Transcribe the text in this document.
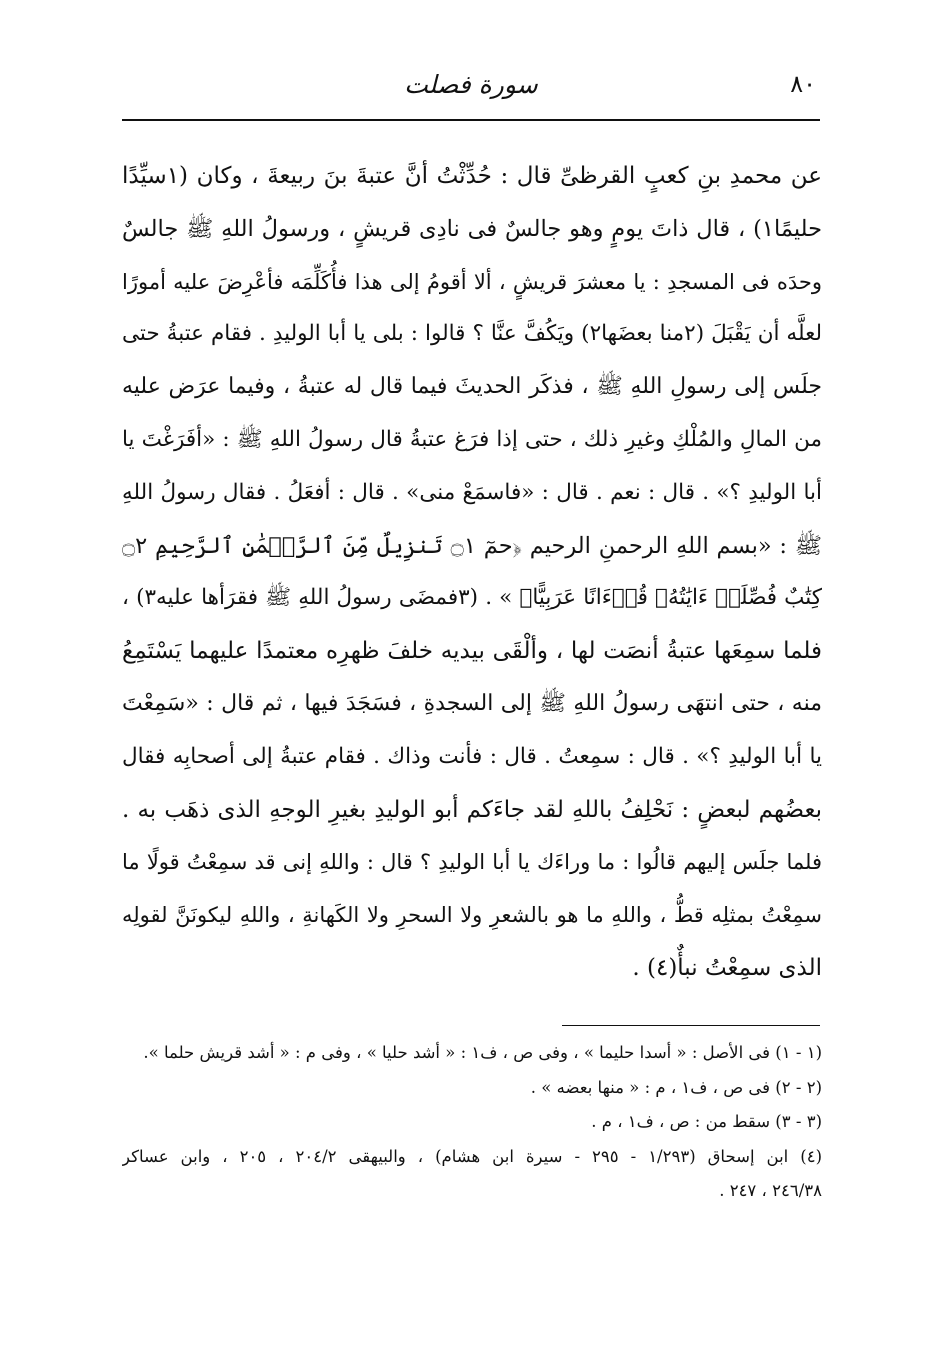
٨٠
سورة فصلت
عن محمدِ بنِ كعبٍ القرظىِّ قال : حُدِّثْتُ أنَّ عتبةَ بنَ ربيعةَ ، وكان (١سيِّدًا
حليمًا١) ، قال ذاتَ يومٍ وهو جالسٌ فى نادِى قريشٍ ، ورسولُ اللهِ ﷺ جالسٌ
وحدَه فى المسجدِ : يا معشرَ قريشٍ ، ألا أقومُ إلى هذا فأُكَلِّمَه فأعْرِضَ عليه أمورًا
لعلَّه أن يَقْبَلَ (٢منا بعضَها٢) ويَكُفَّ عنَّا ؟ قالوا : بلى يا أبا الوليدِ . فقام عتبةُ حتى
جلَس إلى رسولِ اللهِ ﷺ ، فذكَر الحديثَ فيما قال له عتبةُ ، وفيما عرَض عليه
من المالِ والمُلْكِ وغيرِ ذلك ، حتى إذا فرَغ عتبةُ قال رسولُ اللهِ ﷺ : «أفَرَغْتَ يا
أبا الوليدِ ؟» . قال : نعم . قال : «فاسمَعْ منى» . قال : أفعَلُ . فقال رسولُ اللهِ
ﷺ : «بسم اللهِ الرحمنِ الرحيم ﴿حمٓ ۝١ تَنزِيلٌ مِّنَ ٱلرَّحۡمَٰنِ ٱلرَّحِيمِ ۝٢
كِتَٰبٌ فُصِّلَتۡ ءَايَٰتُهُۥ قُرۡءَانًا عَرَبِيًّا﴾ » . (٣فمضَى رسولُ اللهِ ﷺ فقرَأها عليه٣) ،
فلما سمِعَها عتبةُ أنصَت لها ، وألْقَى بيديه خلفَ ظهرِه معتمدًا عليهما يَسْتَمِعُ
منه ، حتى انتهَى رسولُ اللهِ ﷺ إلى السجدةِ ، فسَجَدَ فيها ، ثم قال : «سَمِعْتَ
يا أبا الوليدِ ؟» . قال : سمِعتُ . قال : فأنت وذاك . فقام عتبةُ إلى أصحابِه فقال
بعضُهم لبعضٍ : نَحْلِفُ باللهِ لقد جاءَكم أبو الوليدِ بغيرِ الوجهِ الذى ذهَب به .
فلما جلَس إليهم قالُوا : ما وراءَك يا أبا الوليدِ ؟ قال : واللهِ إنى قد سمِعْتُ قولًا ما
سمِعْتُ بمثلِه قطُّ ، واللهِ ما هو بالشعرِ ولا السحرِ ولا الكَهانةِ ، واللهِ ليكونَنَّ لقولِه
الذى سمِعْتُ نبأٌ(٤) .
(١ - ١) فى الأصل : « أسدا حليما » ، وفى ص ، ف١ : « أشد حليا » ، وفى م : « أشد قريش حلما ».
(٢ - ٢) فى ص ، ف١ ، م : « منها بعضه » .
(٣ - ٣) سقط من : ص ، ف١ ، م .
(٤) ابن إسحاق (١/٢٩٣ - ٢٩٥ - سيرة ابن هشام) ، والبيهقى ٢٠٤/٢ ، ٢٠٥ ، وابن عساكر
٢٤٦/٣٨ ، ٢٤٧ .
